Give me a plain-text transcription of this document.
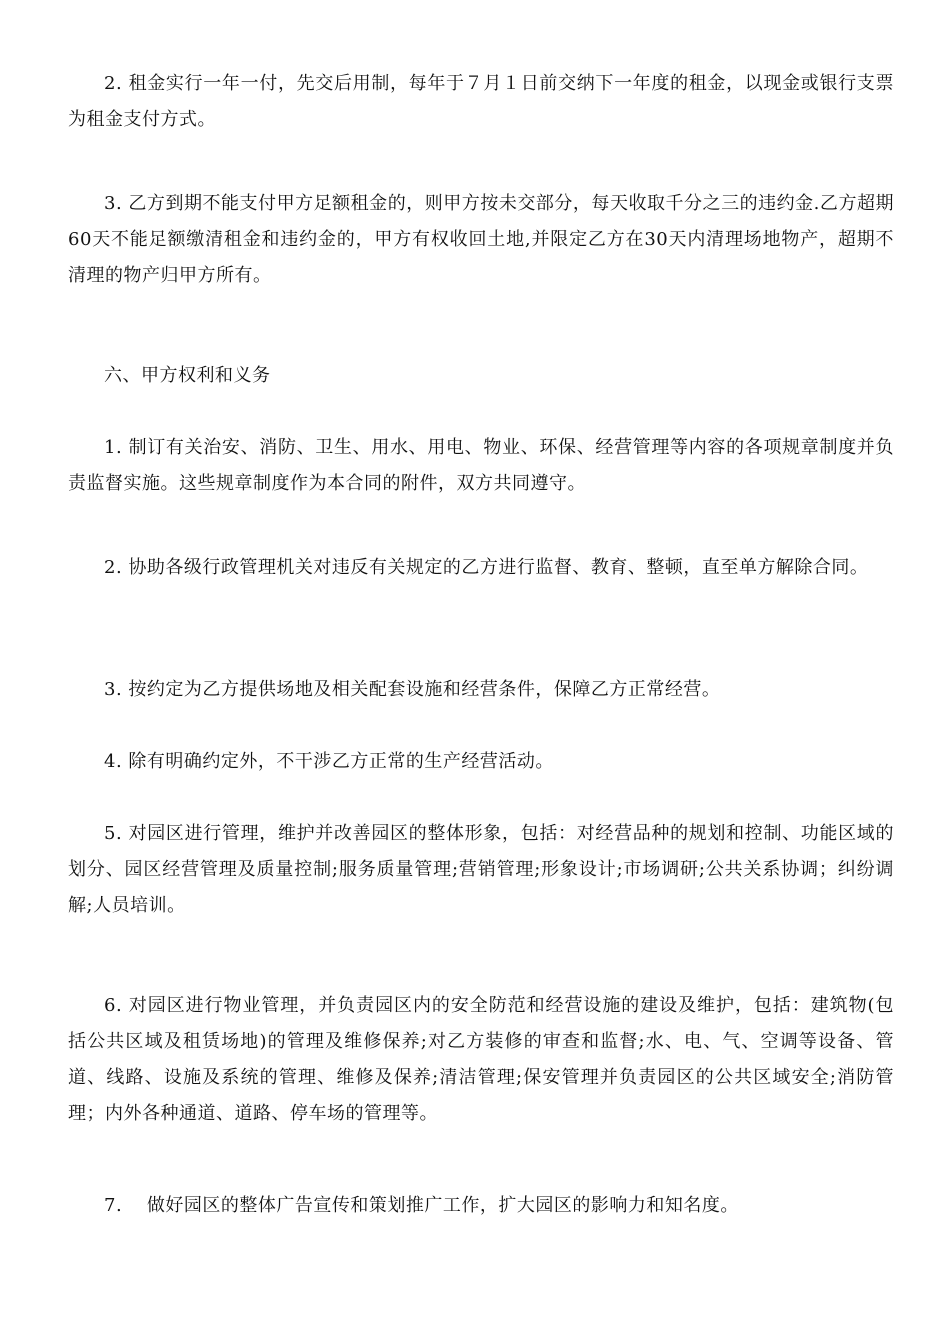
2. 租金实行一年一付，先交后用制，每年于７月１日前交纳下一年度的租金，以现金或银行支票为租金支付方式。

3. 乙方到期不能支付甲方足额租金的，则甲方按未交部分，每天收取千分之三的违约金.乙方超期60天不能足额缴清租金和违约金的，甲方有权收回土地,并限定乙方在30天内清理场地物产，超期不清理的物产归甲方所有。

六、甲方权利和义务

1. 制订有关治安、消防、卫生、用水、用电、物业、环保、经营管理等内容的各项规章制度并负责监督实施。这些规章制度作为本合同的附件，双方共同遵守。

2. 协助各级行政管理机关对违反有关规定的乙方进行监督、教育、整顿，直至单方解除合同。

3. 按约定为乙方提供场地及相关配套设施和经营条件，保障乙方正常经营。

4. 除有明确约定外，不干涉乙方正常的生产经营活动。

5. 对园区进行管理，维护并改善园区的整体形象，包括：对经营品种的规划和控制、功能区域的划分、园区经营管理及质量控制;服务质量管理;营销管理;形象设计;市场调研;公共关系协调；纠纷调解;人员培训。

6. 对园区进行物业管理，并负责园区内的安全防范和经营设施的建设及维护，包括：建筑物(包括公共区域及租赁场地)的管理及维修保养;对乙方装修的审查和监督;水、电、气、空调等设备、管道、线路、设施及系统的管理、维修及保养;清洁管理;保安管理并负责园区的公共区域安全;消防管理；内外各种通道、道路、停车场的管理等。

7.　 做好园区的整体广告宣传和策划推广工作，扩大园区的影响力和知名度。
